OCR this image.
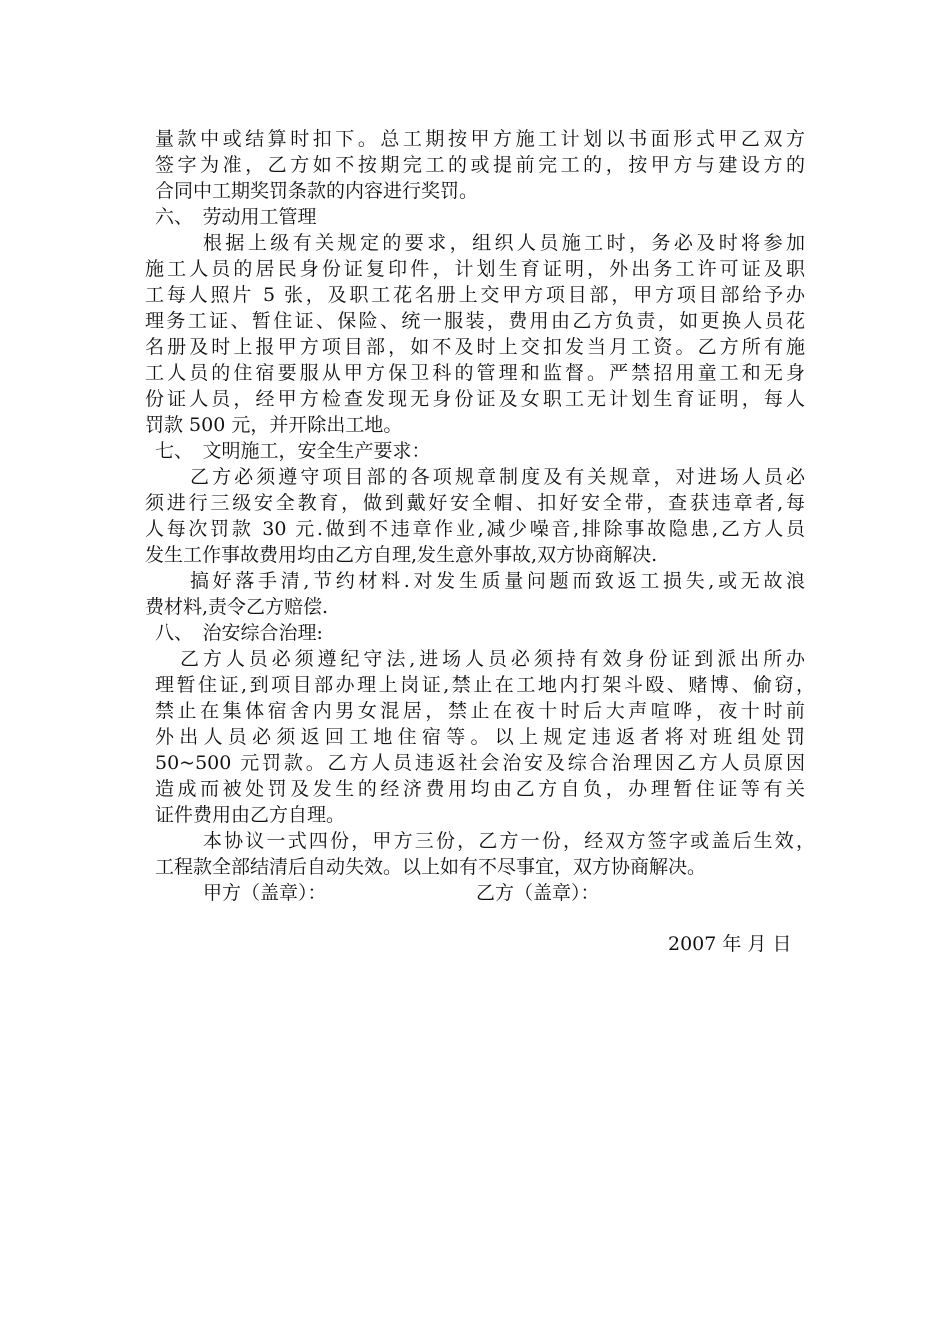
量款中或结算时扣下。总工期按甲方施工计划以书面形式甲乙双方
签字为准，乙方如不按期完工的或提前完工的，按甲方与建设方的
合同中工期奖罚条款的内容进行奖罚。
六、　劳动用工管理
根据上级有关规定的要求，组织人员施工时，务必及时将参加
施工人员的居民身份证复印件，计划生育证明，外出务工许可证及职
工每人照片 5 张，及职工花名册上交甲方项目部，甲方项目部给予办
理务工证、暂住证、保险、统一服装，费用由乙方负责，如更换人员花
名册及时上报甲方项目部，如不及时上交扣发当月工资。乙方所有施
工人员的住宿要服从甲方保卫科的管理和监督。严禁招用童工和无身
份证人员，经甲方检查发现无身份证及女职工无计划生育证明，每人
罚款 500 元，并开除出工地。
七、　文明施工，安全生产要求：
乙方必须遵守项目部的各项规章制度及有关规章，对进场人员必
须进行三级安全教育，做到戴好安全帽、扣好安全带，查获违章者,每
人每次罚款 30 元.做到不违章作业,减少噪音,排除事故隐患,乙方人员
发生工作事故费用均由乙方自理,发生意外事故,双方协商解决.
搞好落手清,节约材料.对发生质量问题而致返工损失,或无故浪
费材料,责令乙方赔偿.
八、　治安综合治理:
乙方人员必须遵纪守法,进场人员必须持有效身份证到派出所办
理暂住证,到项目部办理上岗证,禁止在工地内打架斗殴、赌博、偷窃，
禁止在集体宿舍内男女混居，禁止在夜十时后大声喧哗，夜十时前
外出人员必须返回工地住宿等。以上规定违返者将对班组处罚
50~500 元罚款。乙方人员违返社会治安及综合治理因乙方人员原因
造成而被处罚及发生的经济费用均由乙方自负，办理暂住证等有关
证件费用由乙方自理。
本协议一式四份，甲方三份，乙方一份，经双方签字或盖后生效，
工程款全部结清后自动失效。以上如有不尽事宜，双方协商解决。
甲方（盖章）：	乙方（盖章）：
2007 年 月 日
